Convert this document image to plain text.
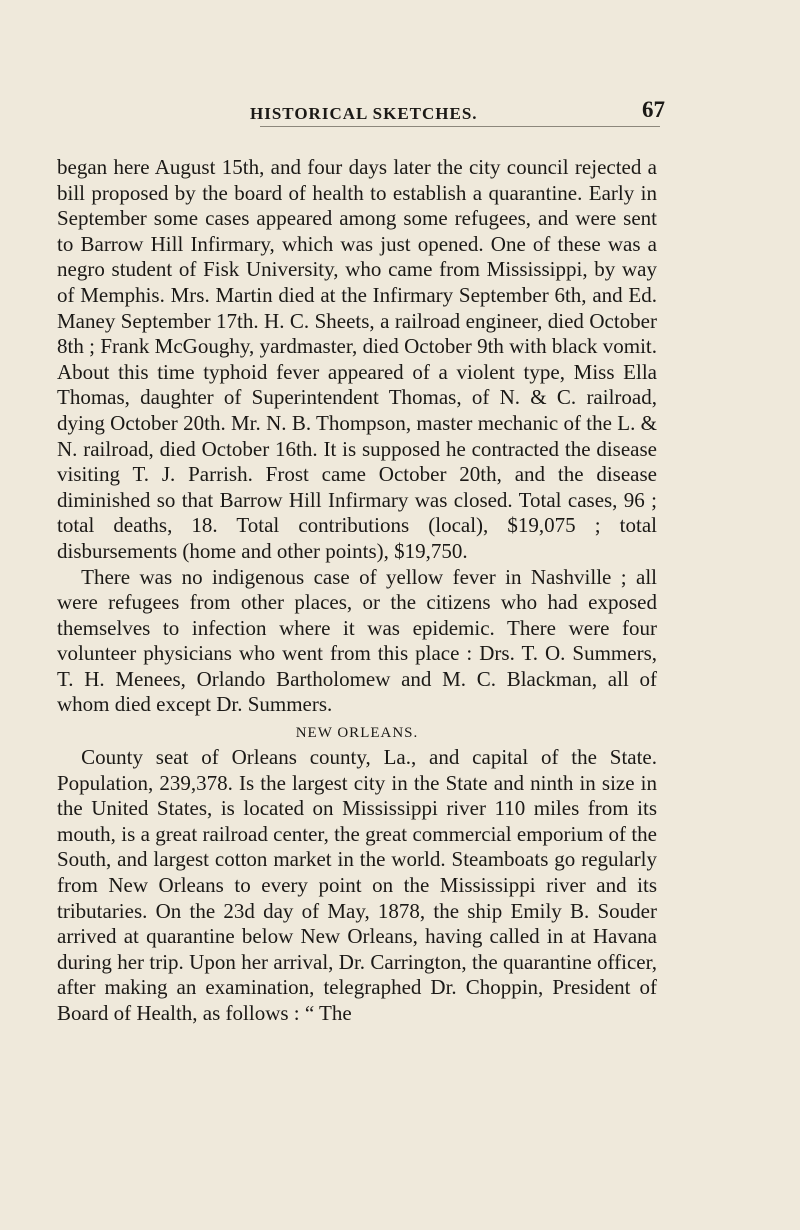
HISTORICAL SKETCHES.	67

began here August 15th, and four days later the city council rejected a bill proposed by the board of health to establish a quarantine. Early in September some cases appeared among some refugees, and were sent to Barrow Hill Infirmary, which was just opened. One of these was a negro student of Fisk University, who came from Mississippi, by way of Memphis. Mrs. Martin died at the Infirmary September 6th, and Ed. Maney September 17th. H. C. Sheets, a railroad engineer, died October 8th ; Frank McGoughy, yardmaster, died October 9th with black vomit. About this time typhoid fever appeared of a violent type, Miss Ella Thomas, daughter of Superintendent Thomas, of N. & C. railroad, dying October 20th. Mr. N. B. Thompson, master mechanic of the L. & N. railroad, died October 16th. It is supposed he contracted the disease visiting T. J. Parrish. Frost came October 20th, and the disease diminished so that Barrow Hill Infirmary was closed. Total cases, 96 ; total deaths, 18. Total contributions (local), $19,075 ; total disbursements (home and other points), $19,750.

There was no indigenous case of yellow fever in Nashville ; all were refugees from other places, or the citizens who had exposed themselves to infection where it was epidemic. There were four volunteer physicians who went from this place : Drs. T. O. Summers, T. H. Menees, Orlando Bartholomew and M. C. Blackman, all of whom died except Dr. Summers.

NEW ORLEANS.

County seat of Orleans county, La., and capital of the State. Population, 239,378. Is the largest city in the State and ninth in size in the United States, is located on Mississippi river 110 miles from its mouth, is a great railroad center, the great commercial emporium of the South, and largest cotton market in the world. Steamboats go regularly from New Orleans to every point on the Mississippi river and its tributaries. On the 23d day of May, 1878, the ship Emily B. Souder arrived at quarantine below New Orleans, having called in at Havana during her trip. Upon her arrival, Dr. Carrington, the quarantine officer, after making an examination, telegraphed Dr. Choppin, President of Board of Health, as follows : “ The
